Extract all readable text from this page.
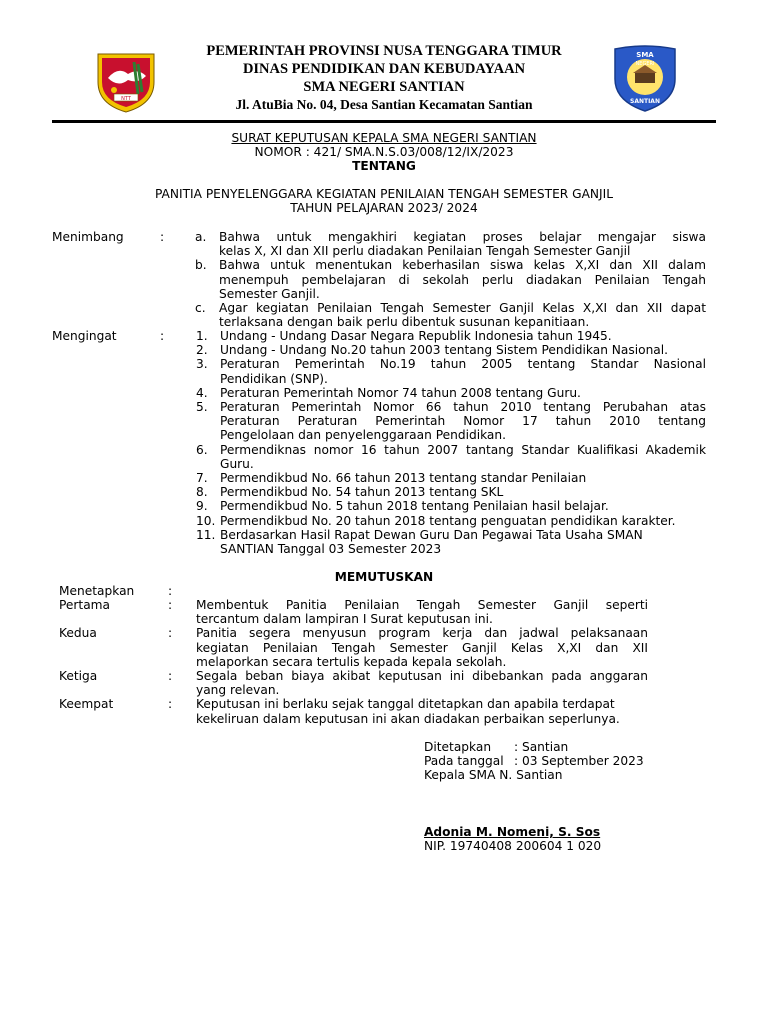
NTT
PEMERINTAH PROVINSI NUSA TENGGARA TIMUR
DINAS PENDIDIKAN DAN KEBUDAYAAN
SMA NEGERI SANTIAN
Jl. AtuBia No. 04, Desa Santian Kecamatan Santian
SMA
NEGERI
SANTIAN
SURAT KEPUTUSAN KEPALA SMA NEGERI SANTIAN
NOMOR : 421/ SMA.N.S.03/008/12/IX/2023
TENTANG
PANITIA PENYELENGGARA KEGIATAN PENILAIAN TENGAH SEMESTER GANJIL
TAHUN PELAJARAN 2023/ 2024
Menimbang	:	a. Bahwa untuk mengakhiri kegiatan proses belajar mengajar siswa
kelas X, XI dan XII perlu diadakan Penilaian Tengah Semester Ganjil
b. Bahwa untuk menentukan keberhasilan siswa kelas X,XI dan XII dalam
menempuh pembelajaran di sekolah perlu diadakan Penilaian Tengah
Semester Ganjil.
c. Agar kegiatan Penilaian Tengah Semester Ganjil Kelas X,XI dan XII dapat
terlaksana dengan baik perlu dibentuk susunan kepanitiaan.
Mengingat	:	1. Undang - Undang Dasar Negara Republik Indonesia tahun 1945.
2. Undang - Undang No.20 tahun 2003 tentang Sistem Pendidikan Nasional.
3. Peraturan Pemerintah No.19 tahun 2005 tentang Standar Nasional
Pendidikan (SNP).
4. Peraturan Pemerintah Nomor 74 tahun 2008 tentang Guru.
5. Peraturan Pemerintah Nomor 66 tahun 2010 tentang Perubahan atas
Peraturan Peraturan Pemerintah Nomor 17 tahun 2010 tentang
Pengelolaan dan penyelenggaraan Pendidikan.
6. Permendiknas nomor 16 tahun 2007 tantang Standar Kualifikasi Akademik
Guru.
7. Permendikbud No. 66 tahun 2013 tentang standar Penilaian
8. Permendikbud No. 54 tahun 2013 tentang SKL
9. Permendikbud No. 5 tahun 2018 tentang Penilaian hasil belajar.
10. Permendikbud No. 20 tahun 2018 tentang penguatan pendidikan karakter.
11. Berdasarkan Hasil Rapat Dewan Guru Dan Pegawai Tata Usaha SMAN
SANTIAN Tanggal 03 Semester 2023
MEMUTUSKAN
Menetapkan	:
Pertama	: Membentuk Panitia Penilaian Tengah Semester Ganjil seperti
tercantum dalam lampiran I Surat keputusan ini.
Kedua	: Panitia segera menyusun program kerja dan jadwal pelaksanaan
kegiatan Penilaian Tengah Semester Ganjil Kelas X,XI dan XII
melaporkan secara tertulis kepada kepala sekolah.
Ketiga	: Segala beban biaya akibat keputusan ini dibebankan pada anggaran
yang relevan.
Keempat	: Keputusan ini berlaku sejak tanggal ditetapkan dan apabila terdapat
kekeliruan dalam keputusan ini akan diadakan perbaikan seperlunya.
Ditetapkan : Santian
Pada tanggal : 03 September 2023
Kepala SMA N. Santian
Adonia M. Nomeni, S. Sos
NIP. 19740408 200604 1 020
